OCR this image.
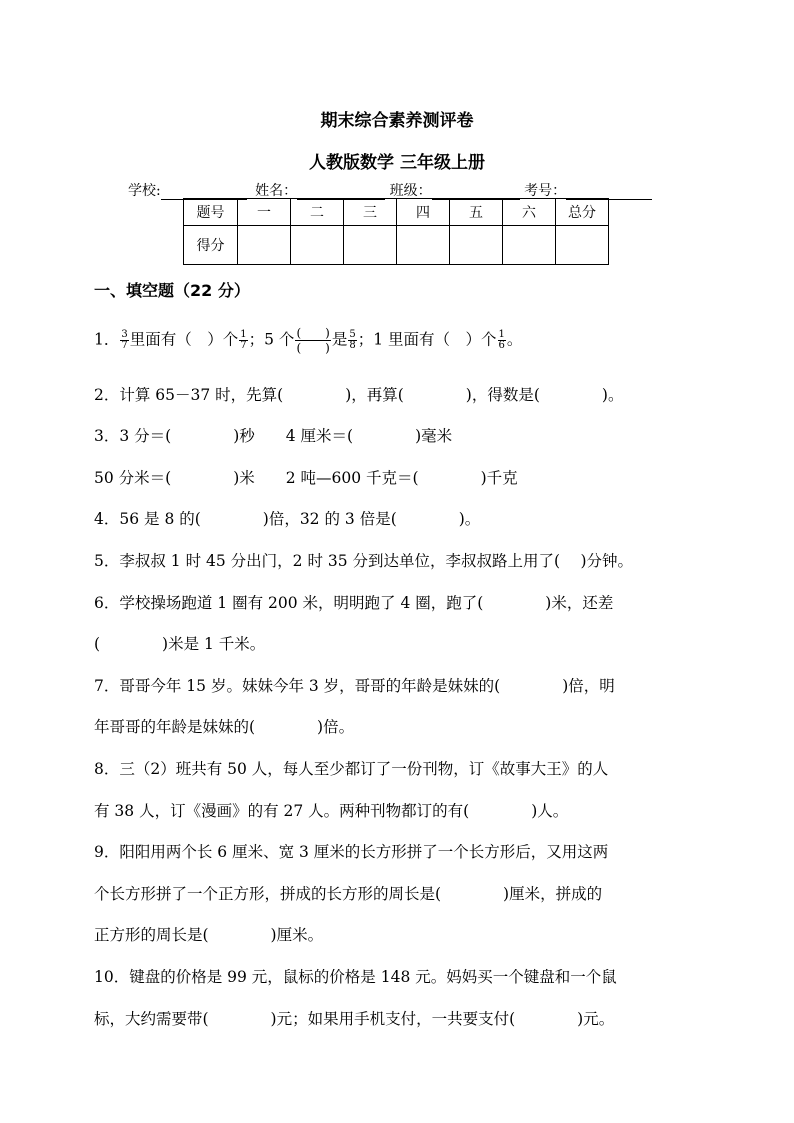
期末综合素养测评卷
人教版数学 三年级上册
学校:	姓名：	班级：	考号：
题号	一	二	三	四	五	六	总分
得分							
一、填空题（22 分）
1． $\frac{3}{7}$ 里面有（　）个 $\frac{1}{7}$ ；5 个 $\frac{( )}{( )}$ 是 $\frac{5}{8}$ ；1 里面有（　）个 $\frac{1}{6}$ 。
2．计算 65－37 时，先算(　　　　)，再算(　　　　)，得数是(　　　　)。
3．3 分＝(　　　　)秒　　4 厘米＝(　　　　)毫米
50 分米＝(　　　　)米　　2 吨—600 千克＝(　　　　)千克
4．56 是 8 的(　　　　)倍，32 的 3 倍是(　　　　)。
5．李叔叔 1 时 45 分出门，2 时 35 分到达单位，李叔叔路上用了(　 )分钟。
6．学校操场跑道 1 圈有 200 米，明明跑了 4 圈，跑了(　　　　)米，还差
(　　　　)米是 1 千米。
7．哥哥今年 15 岁。妹妹今年 3 岁，哥哥的年龄是妹妹的(　　　　)倍，明
年哥哥的年龄是妹妹的(　　　　)倍。
8．三（2）班共有 50 人，每人至少都订了一份刊物，订《故事大王》的人
有 38 人，订《漫画》的有 27 人。两种刊物都订的有(　　　　)人。
9．阳阳用两个长 6 厘米、宽 3 厘米的长方形拼了一个长方形后，又用这两
个长方形拼了一个正方形，拼成的长方形的周长是(　　　　)厘米，拼成的
正方形的周长是(　　　　)厘米。
10．键盘的价格是 99 元，鼠标的价格是 148 元。妈妈买一个键盘和一个鼠
标，大约需要带(　　　　)元；如果用手机支付，一共要支付(　　　　)元。
